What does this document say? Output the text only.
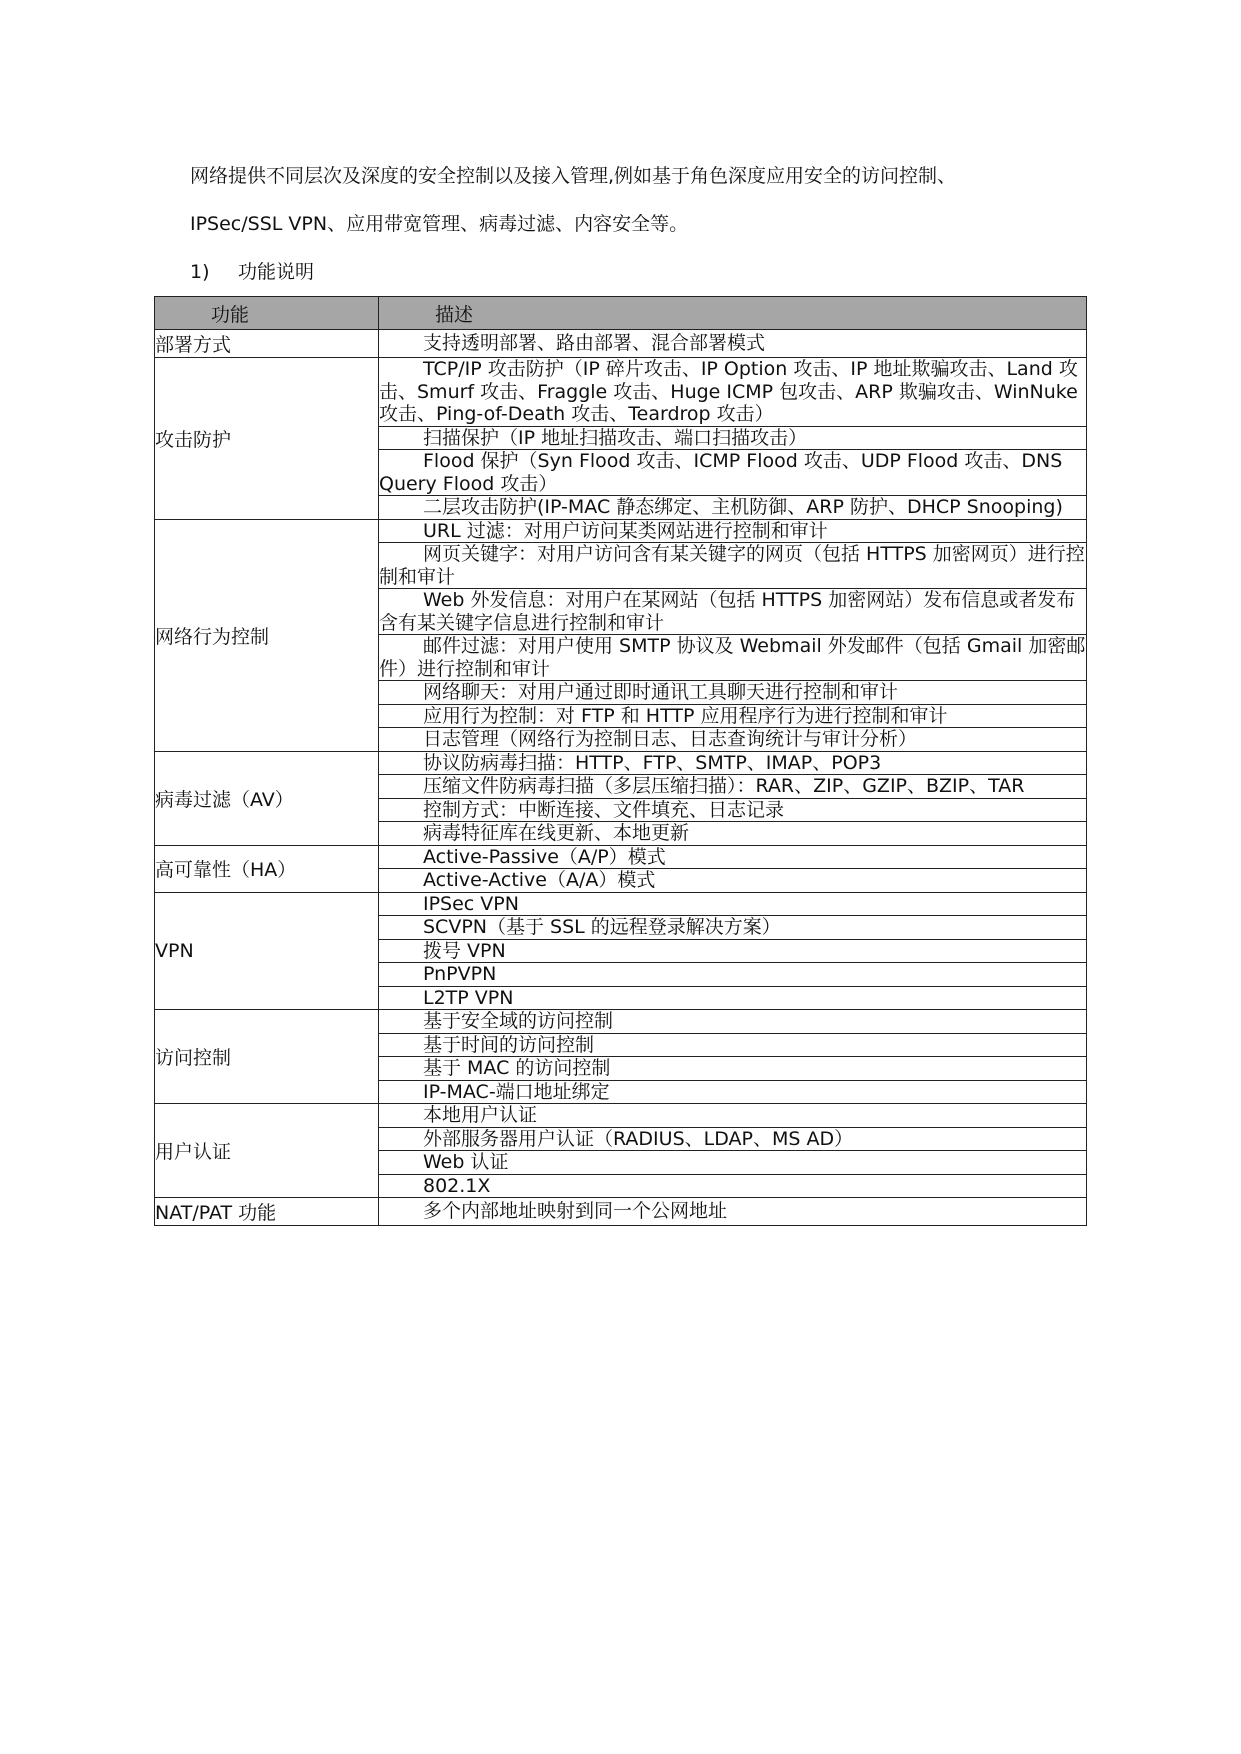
网络提供不同层次及深度的安全控制以及接入管理,例如基于角色深度应用安全的访问控制、
IPSec/SSL VPN、应用带宽管理、病毒过滤、内容安全等。
1) 功能说明
功能	描述
部署方式	支持透明部署、路由部署、混合部署模式

攻击防护	TCP/IP 攻击防护（IP 碎片攻击、IP Option 攻击、IP 地址欺骗攻击、Land 攻击、Smurf 攻击、Fraggle 攻击、Huge ICMP 包攻击、ARP 欺骗攻击、WinNuke 攻击、Ping-of-Death 攻击、Teardrop 攻击）

	扫描保护（IP 地址扫描攻击、端口扫描攻击）

	Flood 保护（Syn Flood 攻击、ICMP Flood 攻击、UDP Flood 攻击、DNS Query Flood 攻击）

	二层攻击防护(IP-MAC 静态绑定、主机防御、ARP 防护、DHCP Snooping)

网络行为控制	URL 过滤：对用户访问某类网站进行控制和审计

	网页关键字：对用户访问含有某关键字的网页（包括 HTTPS 加密网页）进行控制和审计

	Web 外发信息：对用户在某网站（包括 HTTPS 加密网站）发布信息或者发布含有某关键字信息进行控制和审计

	邮件过滤：对用户使用 SMTP 协议及 Webmail 外发邮件（包括 Gmail 加密邮件）进行控制和审计

	网络聊天：对用户通过即时通讯工具聊天进行控制和审计

	应用行为控制：对 FTP 和 HTTP 应用程序行为进行控制和审计

	日志管理（网络行为控制日志、日志查询统计与审计分析）

病毒过滤（AV）	协议防病毒扫描：HTTP、FTP、SMTP、IMAP、POP3

	压缩文件防病毒扫描（多层压缩扫描）：RAR、ZIP、GZIP、BZIP、TAR

	控制方式：中断连接、文件填充、日志记录

	病毒特征库在线更新、本地更新

高可靠性（HA）	Active-Passive（A/P）模式

	Active-Active（A/A）模式

VPN	IPSec VPN

	SCVPN（基于 SSL 的远程登录解决方案）

	拨号 VPN

	PnPVPN

	L2TP VPN

访问控制	基于安全域的访问控制

	基于时间的访问控制

	基于 MAC 的访问控制

	IP-MAC-端口地址绑定

用户认证	本地用户认证

	外部服务器用户认证（RADIUS、LDAP、MS AD）

	Web 认证

	802.1X

NAT/PAT 功能	多个内部地址映射到同一个公网地址
